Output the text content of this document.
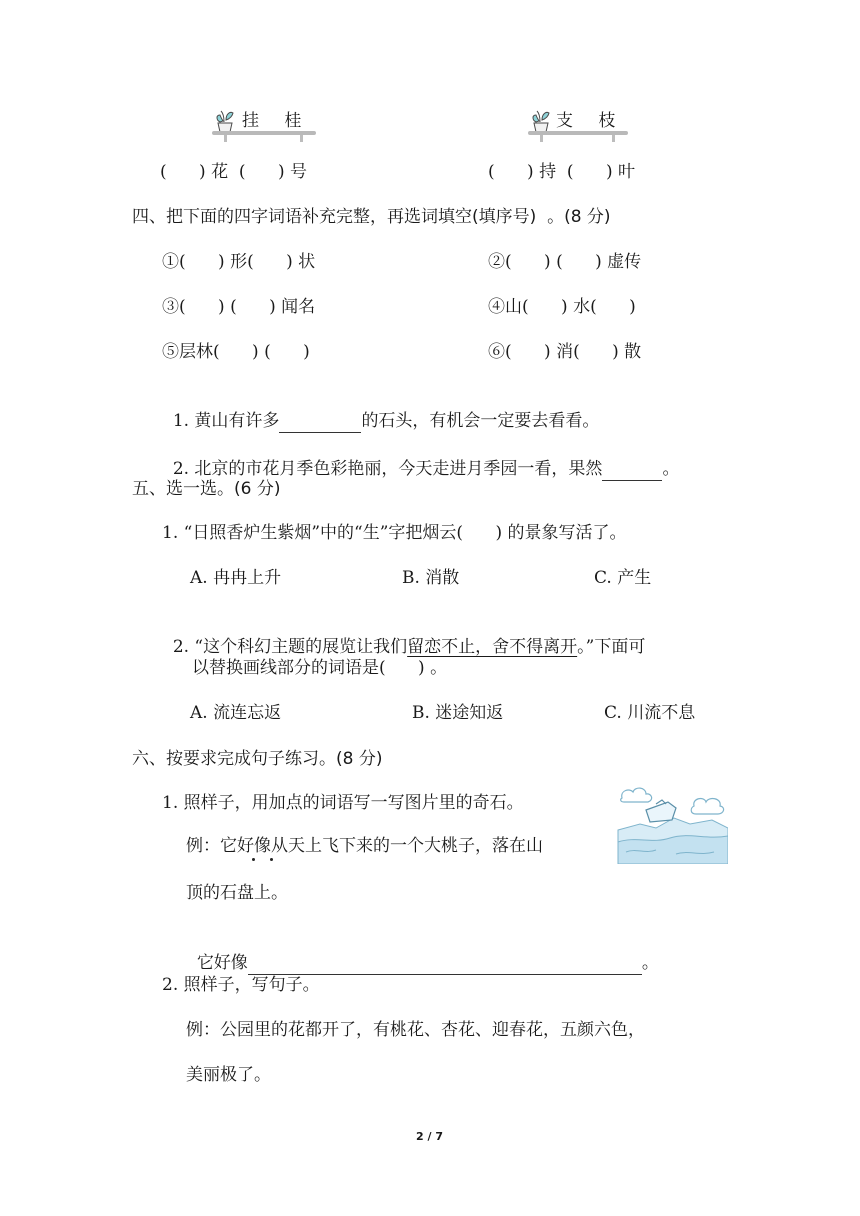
挂 桂	支 枝
(      ) 花  (      ) 号	(      ) 持  (      ) 叶
四、把下面的四字词语补充完整，再选词填空(填序号)  。(8 分)
①(      ) 形(      ) 状	②(      ) (      ) 虚传
③(      ) (      ) 闻名	④山(      ) 水(      )
⑤层林(      ) (      )	⑥(      ) 消(      ) 散

1. 黄山有许多	的石头，有机会一定要去看看。

2. 北京的市花月季色彩艳丽，今天走进月季园一看，果然	。

五、选一选。(6 分)
1. “日照香炉生紫烟”中的“生”字把烟云(      ) 的景象写活了。
A. 冉冉上升	B. 消散	C. 产生

2. “这个科幻主题的展览让我们留恋不止，舍不得离开。”下面可

以替换画线部分的词语是(      ) 。
A. 流连忘返	B. 迷途知返	C. 川流不息
六、按要求完成句子练习。(8 分)
1. 照样子，用加点的词语写一写图片里的奇石。
例：它好像从天上飞下来的一个大桃子，落在山
顶的石盘上。

它好像	。

2. 照样子，写句子。
例：公园里的花都开了，有桃花、杏花、迎春花，五颜六色，
美丽极了。
2 / 7
